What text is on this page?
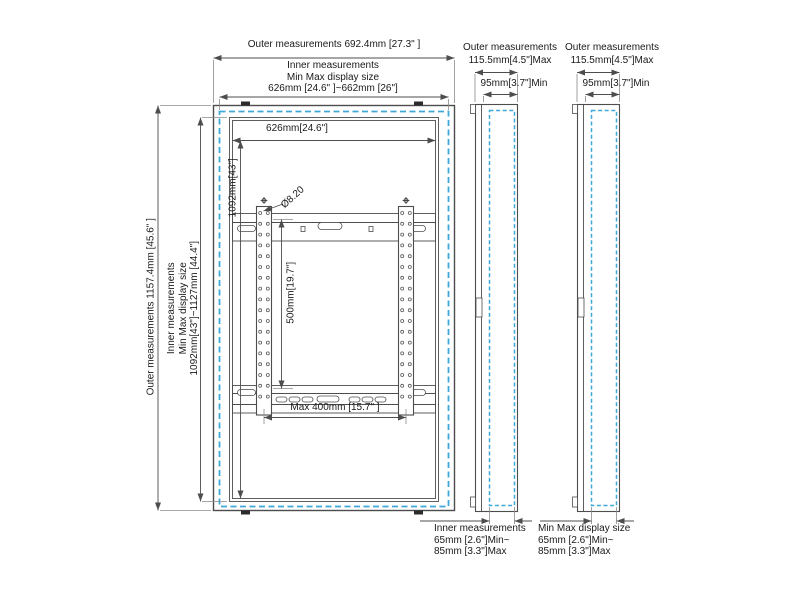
Outer measurements 692.4mm [27.3" ]
Inner measurements
Min Max display size
626mm [24.6" ]~662mm [26"]
Outer measurements 1157.4mm [45.6" ] Inner measurements Min Max display size 1092mm[43"]~1127mm [44.4"]
626mm[24.6"]
1092mm[43"]	Ø8.20
500mm[19.7"]
Max 400mm [15.7" ]
Outer measurements
115.5mm[4.5"]Max
95mm[3.7"]Min
Inner measurements
65mm [2.6"]Min~
85mm [3.3"]Max
Outer measurements
115.5mm[4.5"]Max
95mm[3.7"]Min
Min Max display size
65mm [2.6"]Min~
85mm [3.3"]Max
